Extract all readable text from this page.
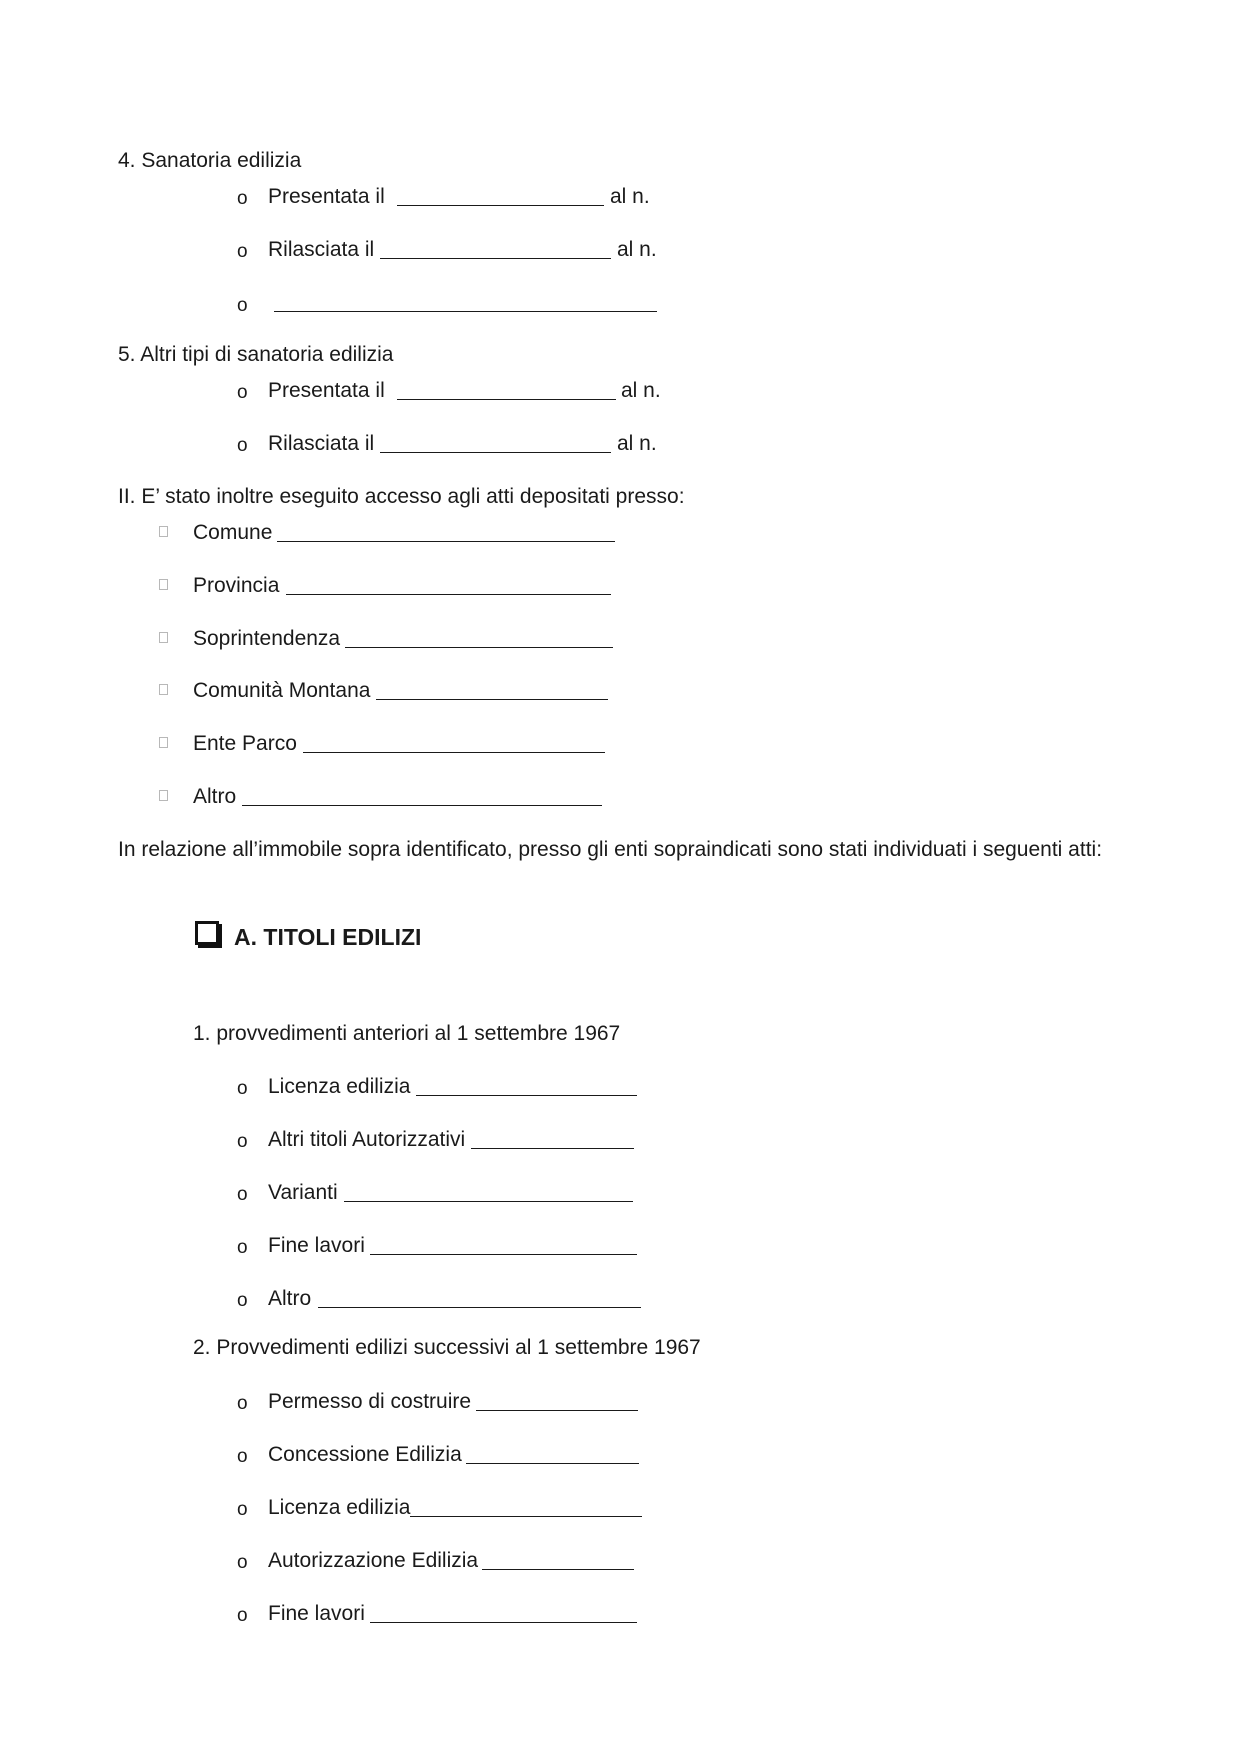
4. Sanatoria edilizia
o Presentata il	al n.
o Rilasciata il	al n.
o
5. Altri tipi di sanatoria edilizia
o Presentata il	al n.
o Rilasciata il	al n.
II. E’ stato inoltre eseguito accesso agli atti depositati presso:
Comune
Provincia
Soprintendenza
Comunità Montana
Ente Parco
Altro
In relazione all’immobile sopra identificato, presso gli enti sopraindicati sono stati individuati i seguenti atti:
A. TITOLI EDILIZI
1. provvedimenti anteriori al 1 settembre 1967
o Licenza edilizia
o Altri titoli Autorizzativi
o Varianti
o Fine lavori
o Altro
2. Provvedimenti edilizi successivi al 1 settembre 1967
o Permesso di costruire
o Concessione Edilizia
o Licenza edilizia
o Autorizzazione Edilizia
o Fine lavori
